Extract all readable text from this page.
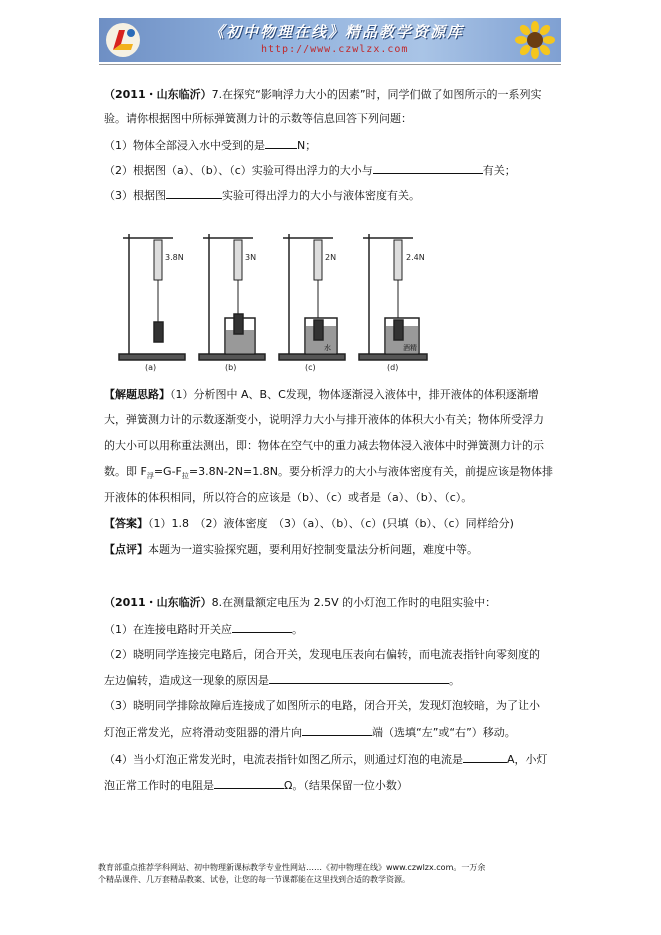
《初中物理在线》精品教学资源库
http://www.czwlzx.com
（2011・山东临沂）7.在探究“影响浮力大小的因素”时，同学们做了如图所示的一系列实
验。请你根据图中所标弹簧测力计的示数等信息回答下列问题：
（1）物体全部浸入水中受到的是	N；
（2）根据图（a）、（b）、（c）实验可得出浮力的大小与	有关；
（3）根据图	实验可得出浮力的大小与液体密度有关。
3.8N
(a)
3N
(b)
2N
水
(c)
2.4N
酒精
(d)
【解题思路】（1）分析图中 A、B、C发现，物体逐渐浸入液体中，排开液体的体积逐渐增
大，弹簧测力计的示数逐渐变小，说明浮力大小与排开液体的体积大小有关；物体所受浮力
的大小可以用称重法测出，即：物体在空气中的重力减去物体浸入液体中时弹簧测力计的示
数。即 $F_浮=G-F_拉=3.8N-2N=1.8N$。要分析浮力的大小与液体密度有关，前提应该是物体排
开液体的体积相同，所以符合的应该是（b）、（c）或者是（a）、（b）、（c）。
【答案】（1）1.8　（2）液体密度　（3）（a）、（b）、（c）(只填（b）、（c）同样给分)
【点评】本题为一道实验探究题，要利用好控制变量法分析问题，难度中等。
（2011・山东临沂）8.在测量额定电压为 2.5V 的小灯泡工作时的电阻实验中：
（1）在连接电路时开关应	。
（2）晓明同学连接完电路后，闭合开关，发现电压表向右偏转，而电流表指针向零刻度的
左边偏转，造成这一现象的原因是	。
（3）晓明同学排除故障后连接成了如图所示的电路，闭合开关，发现灯泡较暗，为了让小
灯泡正常发光，应将滑动变阻器的滑片向	端（选填“左”或“右”）移动。
（4）当小灯泡正常发光时，电流表指针如图乙所示，则通过灯泡的电流是	A，小灯
泡正常工作时的电阻是	Ω。（结果保留一位小数）
教育部重点推荐学科网站、初中物理新课标教学专业性网站……《初中物理在线》www.czwlzx.com。一万余
个精品课件、几万套精品教案、试卷，让您的每一节课都能在这里找到合适的教学资源。
